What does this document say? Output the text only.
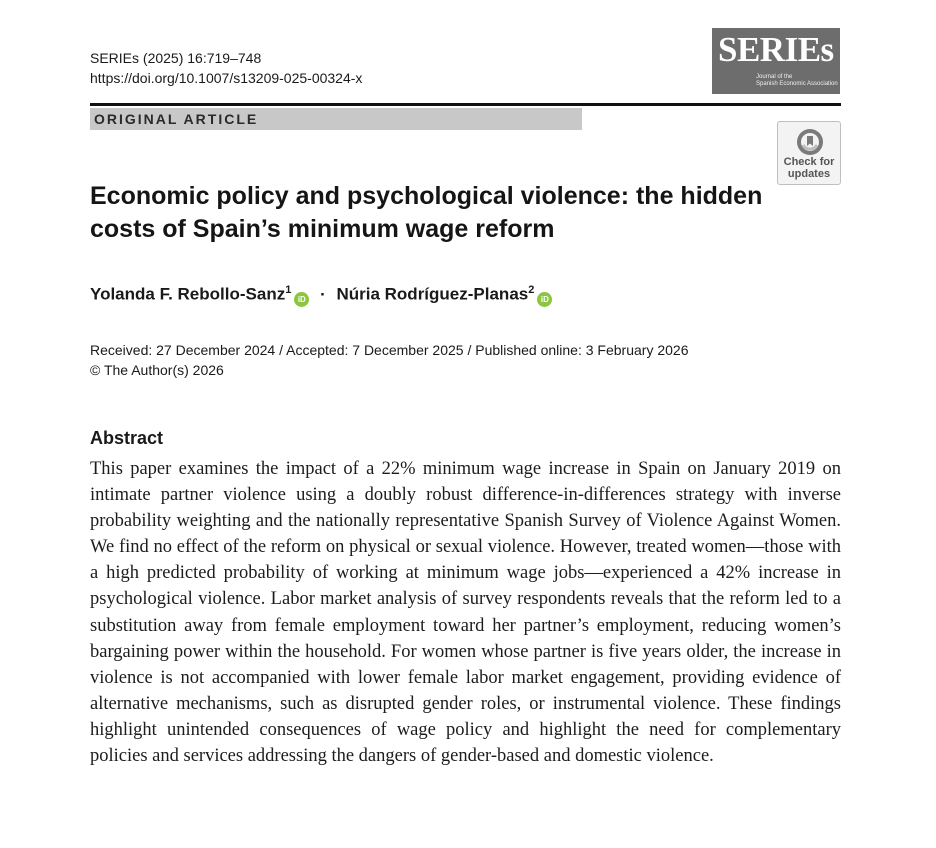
SERIEs (2025) 16:719–748
https://doi.org/10.1007/s13209-025-00324-x
SERIEs
Journal of the
Spanish Economic Association
ORIGINAL ARTICLE
Check for
updates
Economic policy and psychological violence: the hidden costs of Spain’s minimum wage reform
Yolanda F. Rebollo-Sanz$^1$iD · Núria Rodríguez-Planas$^2$iD
Received: 27 December 2024 / Accepted: 7 December 2025 / Published online: 3 February 2026
© The Author(s) 2026
Abstract

This paper examines the impact of a 22% minimum wage increase in Spain on January 2019 on intimate partner violence using a doubly robust difference-in-differences strategy with inverse probability weighting and the nationally representative Spanish Survey of Violence Against Women. We find no effect of the reform on physical or sexual violence. However, treated women—those with a high predicted probability of working at minimum wage jobs—experienced a 42% increase in psychological violence. Labor market analysis of survey respondents reveals that the reform led to a substitution away from female employment toward her partner’s employment, reducing women’s bargaining power within the household. For women whose partner is five years older, the increase in violence is not accompanied with lower female labor market engagement, providing evidence of alternative mechanisms, such as disrupted gender roles, or instrumental violence. These findings highlight unintended consequences of wage policy and highlight the need for complementary policies and services addressing the dangers of gender-based and domestic violence.
